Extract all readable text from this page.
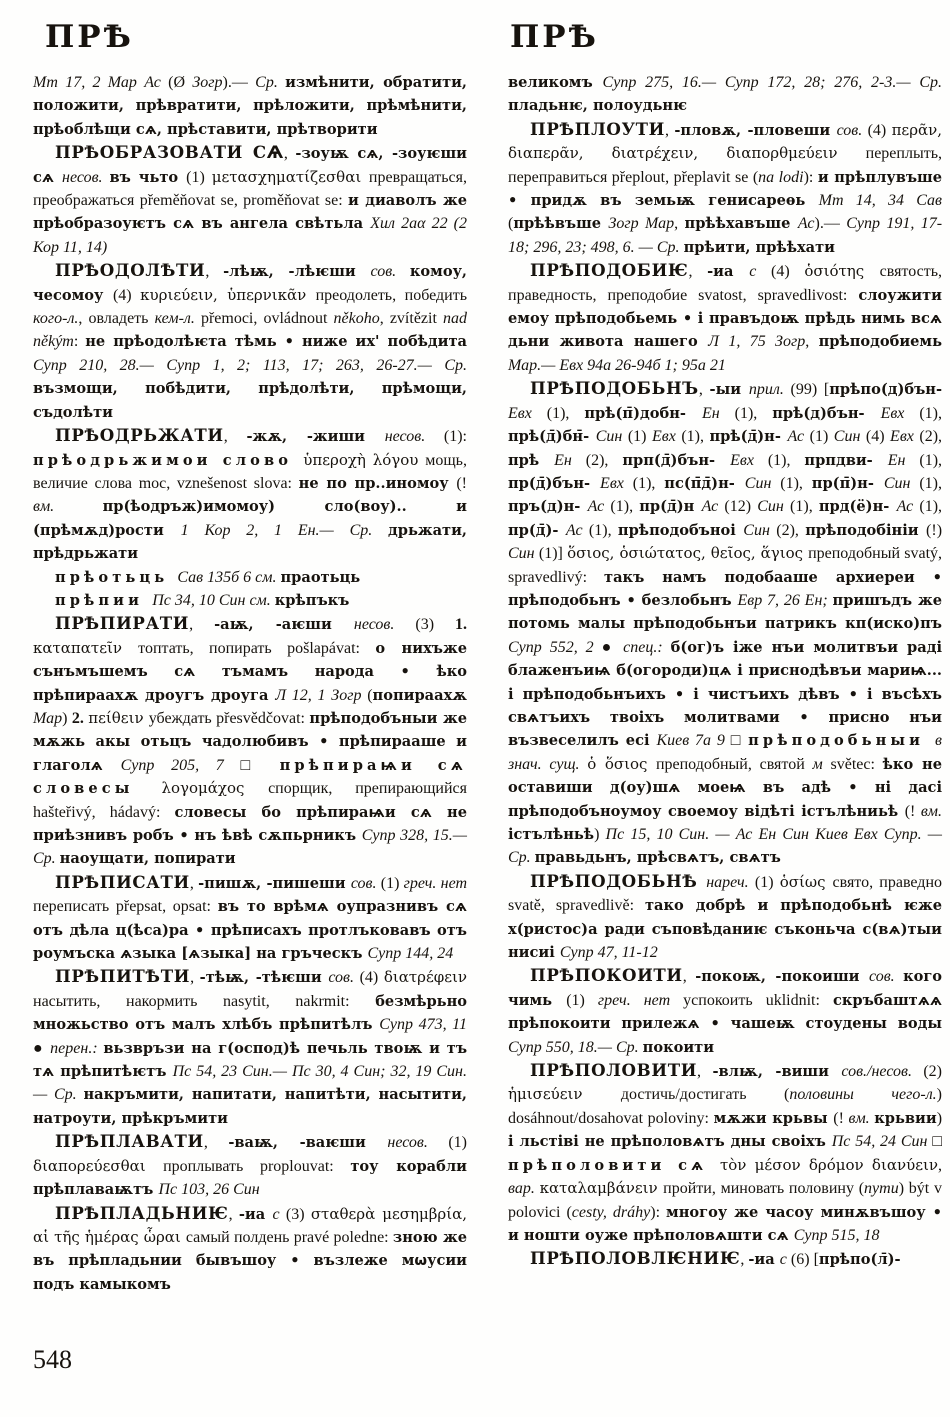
ПРѢ

Мт 17, 2 Мар Ас (Ø Зогр).— Ср. измѣнити, обратити, положити, прѣвратити, прѣложити, прѣмѣнити, прѣоблѣщи сѧ, прѣставити, прѣтворити

ПРѢОБРАЗОВАТИ СѦ, -зоуѭ сѧ, -зоуѥши сѧ несов. въ чьто (1) μετασχηματίζεσθαι превращаться, преображаться přeměňovat se, proměňovat se: и диаволъ же прѣобразоуѥтъ сѧ въ ангела свѣтьла Хил 2аα 22 (2 Кор 11, 14)

ПРѢОДОЛѢТИ, -лѣѭ, -лѣѥши сов. комоу, чесомоу (4) κυριεύειν, ὑπερνικᾶν преодолеть, победить кого-л., овладеть кем-л. přemoci, ovládnout někoho, zvítězit nad někým: не прѣодолѣѥта тѣмь • ниже их' побѣдита Супр 210, 28.— Супр 1, 2; 113, 17; 263, 26-27.— Ср. възмощи, побѣдити, прѣдолѣти, прѣмощи, съдолѣти

ПРѢОДРЬЖАТИ, -жѫ, -жиши несов. (1): прѣодрьжимои слово ὑπεροχὴ λόγου мощь, величие слова moc, vznešenost slova: не по пр..иномоу (! вм. пр(ѣодръж)имомоу) сло(воу).. и (прѣмѫд)рости 1 Кор 2, 1 Ен.— Ср. дрьжати, прѣдрьжати

прѣотьць Сав 135б 6 см. праотьць

прѣпии Пс 34, 10 Син см. крѣпъкъ

ПРѢПИРАТИ, -аѭ, -аѥши несов. (3) 1. καταπατεῖν топтать, попирать pošlapávat: о нихъже сънъмъшемъ сѧ тъмамъ народа • ѣко прѣпираахѫ дроугъ дроуга Л 12, 1 Зогр (попираахѫ Мар) 2. πείθειν убеждать přesvědčovat: прѣподобъныи же мѫжь акы отьцъ чадолюбивъ • прѣпирааше и глаголѧ Супр 205, 7 □ прѣпираѩи сѧ словесы λογομάχος спорщик, препирающийся hašteřivý, hádavý: словесы бо прѣпираѩи сѧ не приѣзнивъ робъ • нъ ѣвѣ сѫпьрникъ Супр 328, 15.— Ср. наоущати, попирати

ПРѢПИСАТИ, -пишѫ, -пишеши сов. (1) греч. нет переписать přepsat, opsat: въ то врѣмѧ оупразнивъ сѧ отъ дѣла ц(ѣса)ра • прѣписахъ протлъковавъ отъ роумъска ѧзыка [ѧзыка] на гръческъ Супр 144, 24

ПРѢПИТѢТИ, -тѣѭ, -тѣѥши сов. (4) διατρέφειν насытить, накормить nasytit, nakrmit: безмѣрьно множьство отъ малъ хлѣбъ прѣпитѣлъ Супр 473, 11 ● перен.: вьзвръзи на г(оспод)ѣ печьль твоѭ и тъ тѧ прѣпитѣѥтъ Пс 54, 23 Син.— Пс 30, 4 Син; 32, 19 Син.— Ср. накръмити, напитати, напитѣти, насытити, натроути, прѣкръмити

ПРѢПЛАВАТИ, -ваѭ, -ваѥши несов. (1) διαπορεύεσθαι проплывать proplouvat: тоу корабли прѣплаваѭтъ Пс 103, 26 Син

ПРѢПЛАДЬНИѤ, -иа с (3) σταθερὰ μεσημβρία, αἱ τῆς ἡμέρας ὧραι самый полдень pravé poledne: зною же въ прѣпладьнии бывъшоу • възлеже мѡусии подъ камыкомъ

ПРѢ

великомъ Супр 275, 16.— Супр 172, 28; 276, 2-3.— Ср. пладьнѥ, полоудьнѥ

ПРѢПЛОУТИ, -пловѫ, -пловеши сов. (4) περᾶν, διαπερᾶν, διατρέχειν, διαπορθμεύειν переплыть, переправиться přeplout, přeplavit se (na lodi): и прѣплувъше • придѫ въ земьѭ генисареѳь Мт 14, 34 Сав (прѣѣвъше Зогр Мар, прѣѣхавъше Ас).— Супр 191, 17-18; 296, 23; 498, 6. — Ср. прѣити, прѣѣхати

ПРѢПОДОБИѤ, -иа с (4) ὁσιότης святость, праведность, преподобие svatost, spravedlivost: слоужити емоу прѣподобьемь • і правъдоѭ прѣдь нимь всѧ дьни живота нашего Л 1, 75 Зогр, прѣподобиемь Мар.— Евх 94а 26-94б 1; 95а 21

ПРѢПОДОБЬНЪ, -ыи прил. (99) [прѣпо(д)бън- Евх (1), прѣ(п̄)добн- Ен (1), прѣ(д)бън- Евх (1), прѣ(д̄)бн̄- Син (1) Евх (1), прѣ(д̄)н- Ас (1) Син (4) Евх (2), прѣ Ен (2), прп(д̄)бън- Евх (1), прпдви- Ен (1), пр(д̄)бън- Евх (1), пс(п̄д̄)н- Син (1), пр(п̄)н- Син (1), пръ(д)н- Ас (1), пр(д̄)н Ас (12) Син (1), прд(ё)н- Ас (1), пр(д̄)- Ас (1), прѣподобъноі Син (2), прѣподобініи (!) Син (1)] ὅσιος, ὁσιώτατος, θεῖος, ἅγιος преподобный svatý, spravedlivý: такъ намъ подобааше архиереи • прѣподобьнъ • безлобьнъ Евр 7, 26 Ен; пришъдъ же потомь малы прѣподобьнъи патрикъ кп(иско)пъ Супр 552, 2 ● спец.: б(ог)ъ іже нъи молитвъи раді блаженъиѩ б(огороди)цѧ і приснодѣвъи мариѩ... і прѣподобьнъихъ • і чистъихъ дѣвъ • і въсѣхъ свѧтъихъ твоіхъ молитвами • присно нъи възвеселилъ есі Киев 7а 9 □ прѣподобьныи в знач. сущ. ὁ ὅσιος преподобный, святой м světec: ѣко не оставиши д(оу)шѧ моеѩ въ адѣ • ні дасі прѣподобъноумоу своемоу відѣті істълѣниьѣ (! вм. істълѣньѣ) Пс 15, 10 Син. — Ас Ен Син Киев Евх Супр. — Ср. правьдьнъ, прѣсвѧтъ, свѧтъ

ПРѢПОДОБЬНѢ нареч. (1) ὁσίως свято, праведно svatě, spravedlivě: тако добрѣ и прѣподобьнѣ ѥже х(ристос)а ради съповѣданиѥ съконьча с(вѧ)тыи нисиі Супр 47, 11-12

ПРѢПОКОИТИ, -покоѭ, -покоиши сов. кого чимь (1) греч. нет успокоить uklidnit: скръбаштѧѧ прѣпокоити прилежѧ • чашеѭ стоудены воды Супр 550, 18.— Ср. покоити

ПРѢПОЛОВИТИ, -влѭ, -виши сов./несов. (2) ἡμισεύειν достичь/достигать (половины чего-л.) dosáhnout/dosahovat poloviny: мѫжи крьвы (! вм. крьвии) і льстіві не прѣполовѧтъ дны своіхъ Пс 54, 24 Син □ прѣполовити сѧ τὸν μέσον δρόμον διανύειν, вар. καταλαμβάνειν пройти, миновать половину (пути) být v polovici (cesty, dráhy): многоу же часоу минѫвъшоу • и ношти оуже прѣполовѧшти сѧ Супр 515, 18

ПРѢПОЛОВЛѤНИѤ, -иа с (6) [прѣпо(л̄)-

548
